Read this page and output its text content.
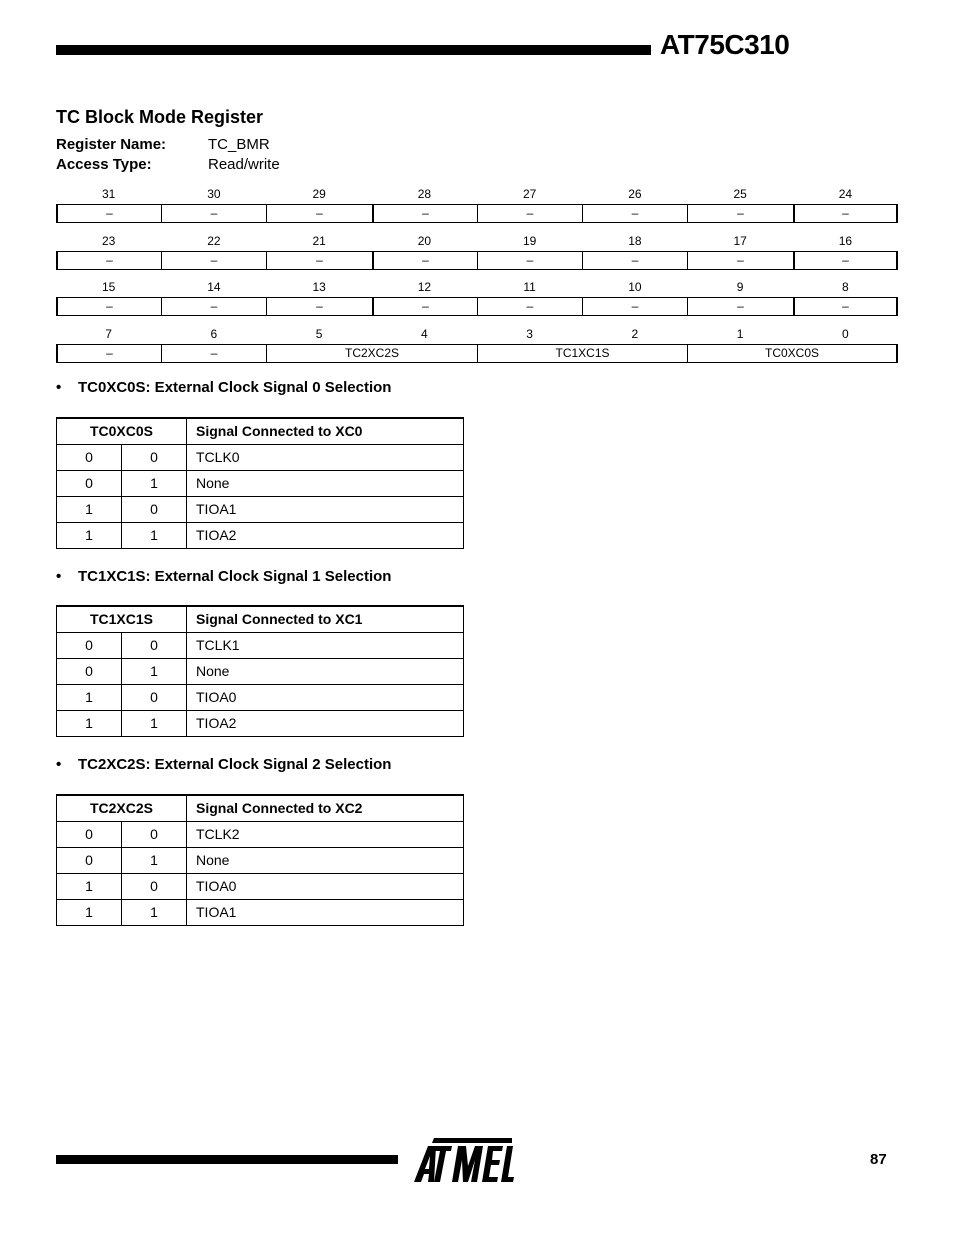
AT75C310
TC Block Mode Register
Register Name:	TC_BMR
Access Type:	Read/write
31	30	29	28	27	26	25	24
–	–	–	–	–	–	–	–
23	22	21	20	19	18	17	16
–	–	–	–	–	–	–	–
15	14	13	12	11	10	9	8
–	–	–	–	–	–	–	–
7	6	5	4	3	2	1	0
–	–	TC2XC2S	TC1XC1S	TC0XC0S
• TC0XC0S: External Clock Signal 0 Selection
TC0XC0S		Signal Connected to XC0
0	0	TCLK0
0	1	None
1	0	TIOA1
1	1	TIOA2
• TC1XC1S: External Clock Signal 1 Selection
TC1XC1S		Signal Connected to XC1
0	0	TCLK1
0	1	None
1	0	TIOA0
1	1	TIOA2
• TC2XC2S: External Clock Signal 2 Selection
TC2XC2S		Signal Connected to XC2
0	0	TCLK2
0	1	None
1	0	TIOA0
1	1	TIOA1
87
